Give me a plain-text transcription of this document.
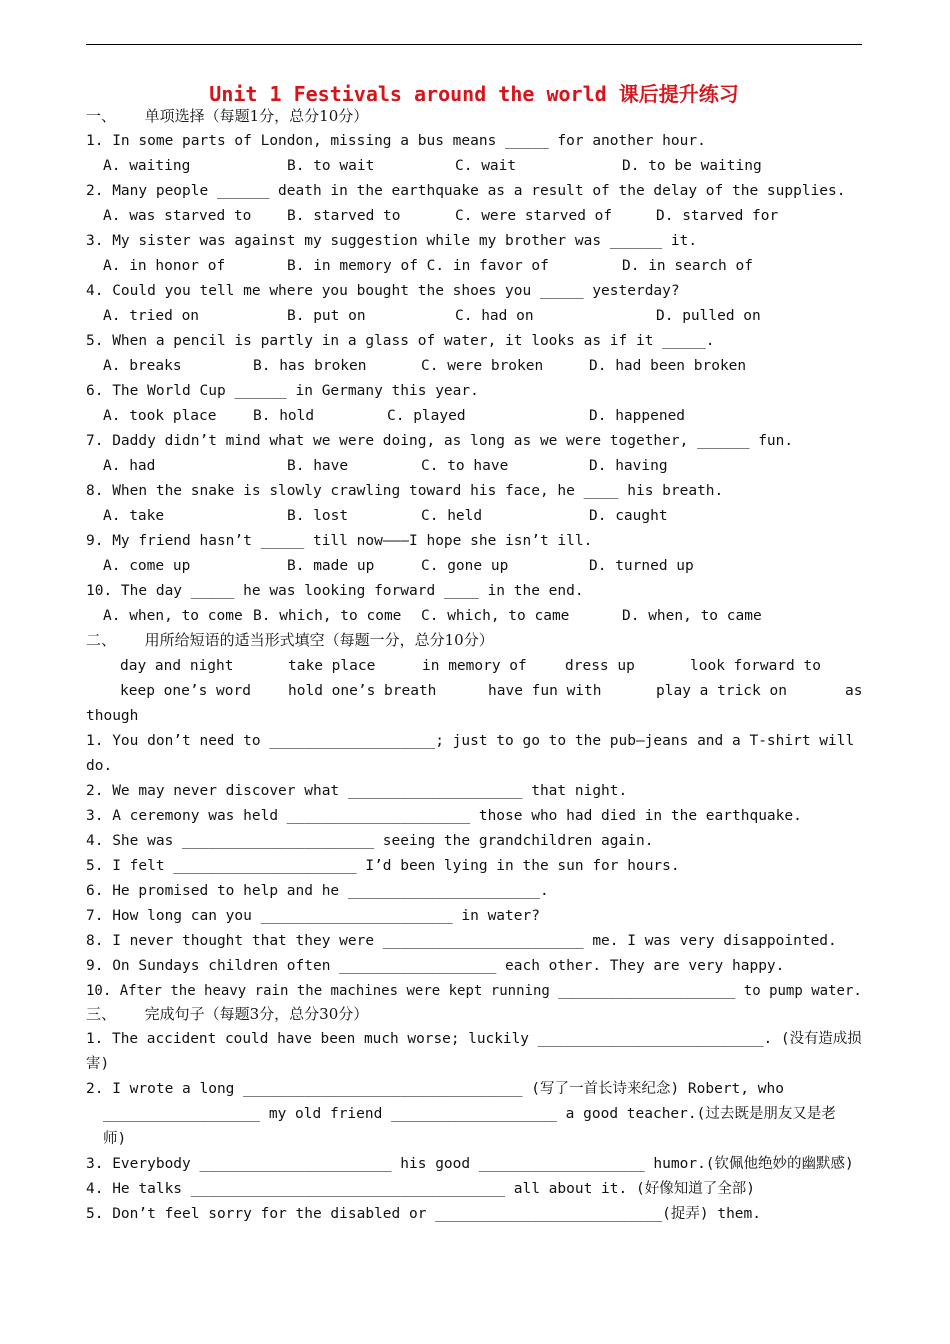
Unit 1 Festivals around the world 课后提升练习
一、      单项选择（每题1分，总分10分）
1. In some parts of London, missing a bus means _____ for another hour.
A. waiting	B. to wait	C. wait	D. to be waiting
2. Many people ______ death in the earthquake as a result of the delay of the supplies.
A. was starved to B. starved to	C. were starved of	D. starved for
3. My sister was against my suggestion while my brother was ______ it.
A. in honor of	B. in memory of C. in favor of	D. in search of
4. Could you tell me where you bought the shoes you _____ yesterday?
A. tried on	B. put on	C. had on	D. pulled on
5. When a pencil is partly in a glass of water, it looks as if it _____.
A. breaks	B. has broken	C. were broken	D. had been broken
6. The World Cup ______ in Germany this year.
A. took place	B. hold	C. played	D. happened
7. Daddy didn’t mind what we were doing, as long as we were together, ______ fun.
A. had	B. have	C. to have	D. having
8. When the snake is slowly crawling toward his face, he ____ his breath.
A. take	B. lost	C. held	D. caught
9. My friend hasn’t _____ till now———I hope she isn’t ill.
A. come up	B. made up	C. gone up	D. turned up
10. The day _____ he was looking forward ____ in the end.
A. when, to come B. which, to come C. which, to came	D. when, to came
二、      用所给短语的适当形式填空（每题一分，总分10分）
day and night	take place	in memory of	dress up	look forward to
keep one’s word	hold one’s breath	have fun with	play a trick on	as
though
1. You don’t need to ___________________; just to go to the pub—jeans and a T-shirt will
do.
2. We may never discover what ____________________ that night.
3. A ceremony was held _____________________ those who had died in the earthquake.
4. She was ______________________ seeing the grandchildren again.
5. I felt _____________________ I’d been lying in the sun for hours.
6. He promised to help and he ______________________.
7. How long can you ______________________ in water?
8. I never thought that they were _______________________ me. I was very disappointed.
9. On Sundays children often __________________ each other. They are very happy.
10. After the heavy rain the machines were kept running _____________________ to pump water.
三、      完成句子（每题3分，总分30分）
1. The accident could have been much worse; luckily __________________________. (没有造成损
害)
2. I wrote a long ________________________________ (写了一首长诗来纪念) Robert, who
__________________ my old friend ___________________ a good teacher.(过去既是朋友又是老
师)
3. Everybody ______________________ his good ___________________ humor.(钦佩他绝妙的幽默感)
4. He talks ____________________________________ all about it. (好像知道了全部)
5. Don’t feel sorry for the disabled or __________________________(捉弄) them.
